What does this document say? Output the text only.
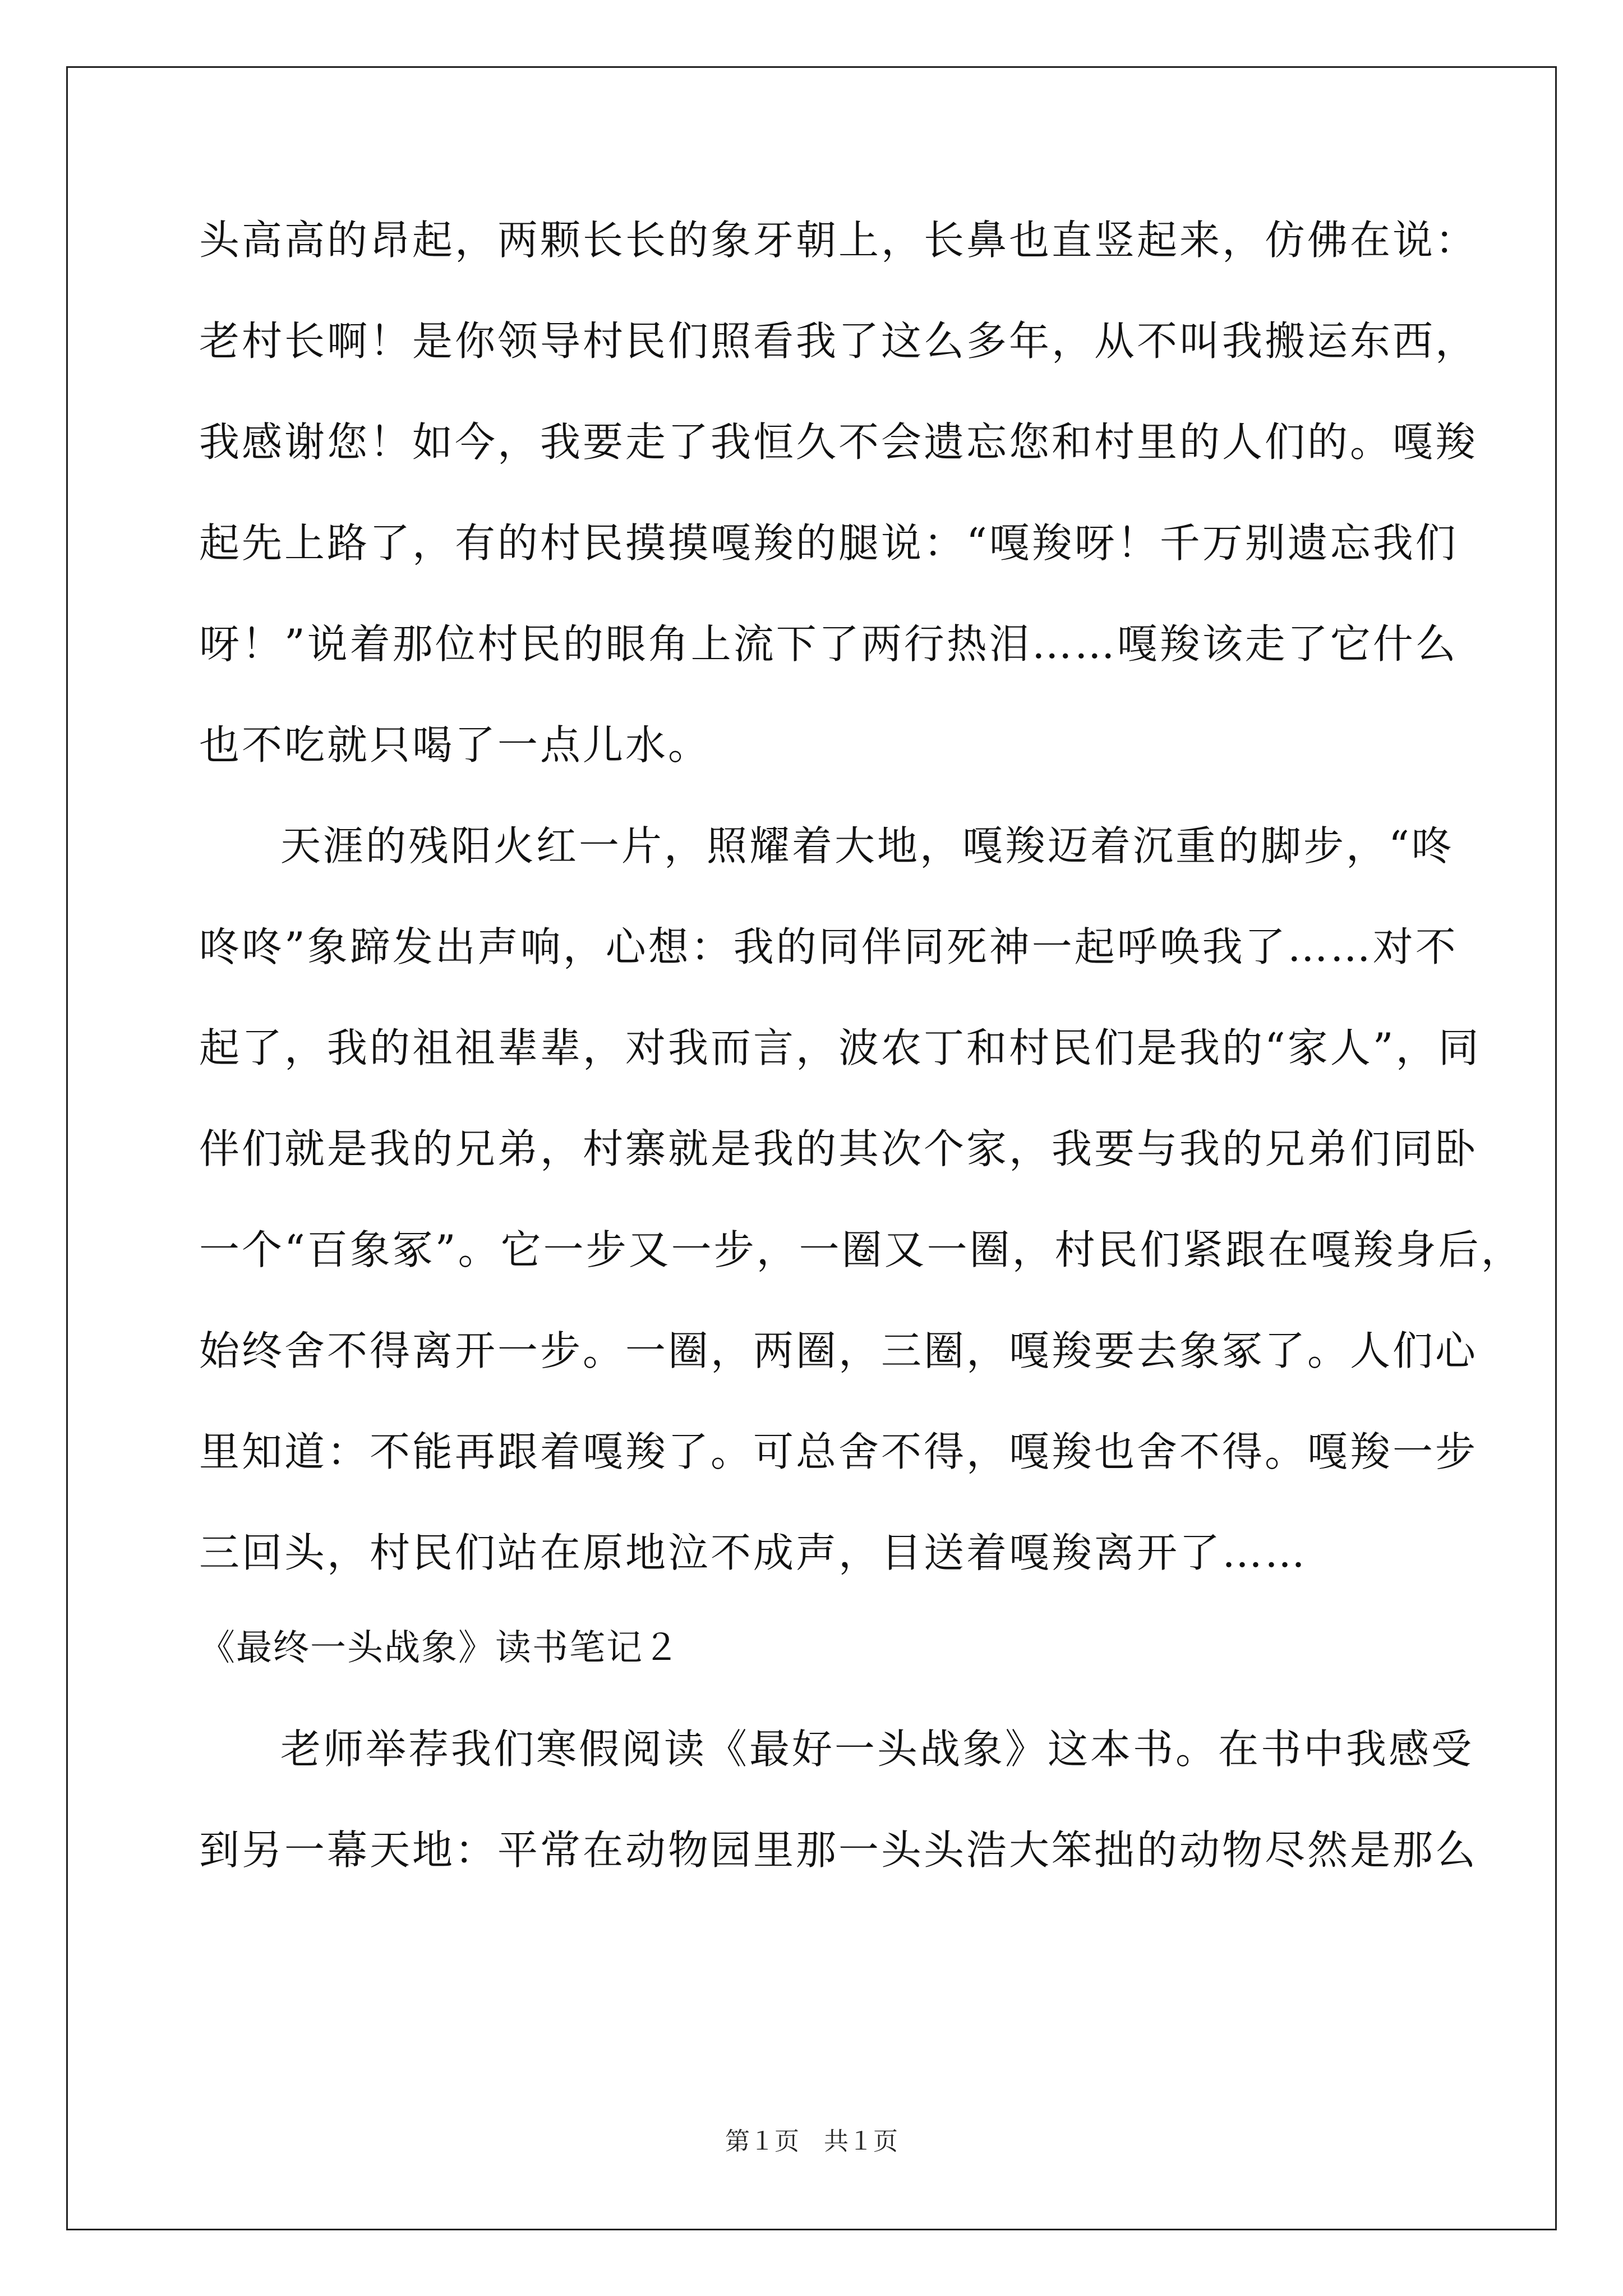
头高高的昂起，两颗长长的象牙朝上，长鼻也直竖起来，仿佛在说：
老村长啊！是你领导村民们照看我了这么多年，从不叫我搬运东西，
我感谢您！如今，我要走了我恒久不会遗忘您和村里的人们的。嘎羧
起先上路了，有的村民摸摸嘎羧的腿说：“嘎羧呀！千万别遗忘我们
呀！”说着那位村民的眼角上流下了两行热泪……嘎羧该走了它什么
也不吃就只喝了一点儿水。
天涯的残阳火红一片，照耀着大地，嘎羧迈着沉重的脚步，“咚
咚咚”象蹄发出声响，心想：我的同伴同死神一起呼唤我了……对不
起了，我的祖祖辈辈，对我而言，波农丁和村民们是我的“家人”，同
伴们就是我的兄弟，村寨就是我的其次个家，我要与我的兄弟们同卧
一个“百象冢”。它一步又一步，一圈又一圈，村民们紧跟在嘎羧身后，
始终舍不得离开一步。一圈，两圈，三圈，嘎羧要去象冢了。人们心
里知道：不能再跟着嘎羧了。可总舍不得，嘎羧也舍不得。嘎羧一步
三回头，村民们站在原地泣不成声，目送着嘎羧离开了……
《最终一头战象》读书笔记２
老师举荐我们寒假阅读《最好一头战象》这本书。在书中我感受
到另一幕天地：平常在动物园里那一头头浩大笨拙的动物尽然是那么
第１页　共１页
